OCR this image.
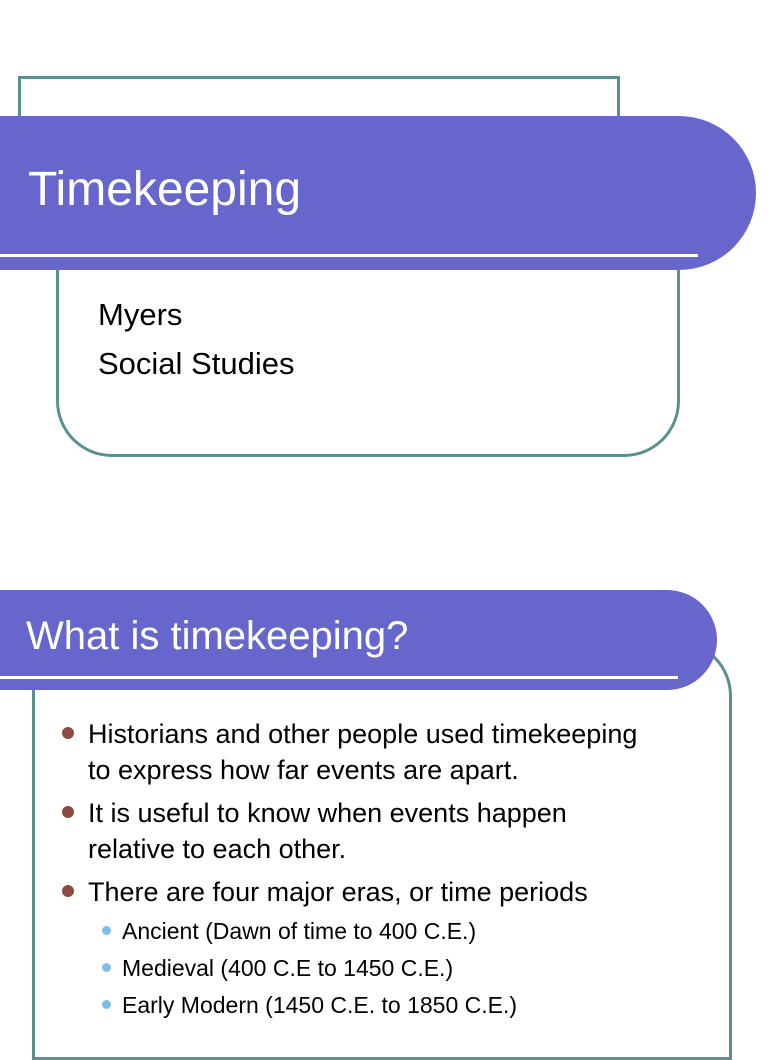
Timekeeping
Myers
Social Studies
What is timekeeping?
Historians and other people used timekeeping
to express how far events are apart.
It is useful to know when events happen
relative to each other.
There are four major eras, or time periods
Ancient (Dawn of time to 400 C.E.)
Medieval (400 C.E to 1450 C.E.)
Early Modern (1450 C.E. to 1850 C.E.)
